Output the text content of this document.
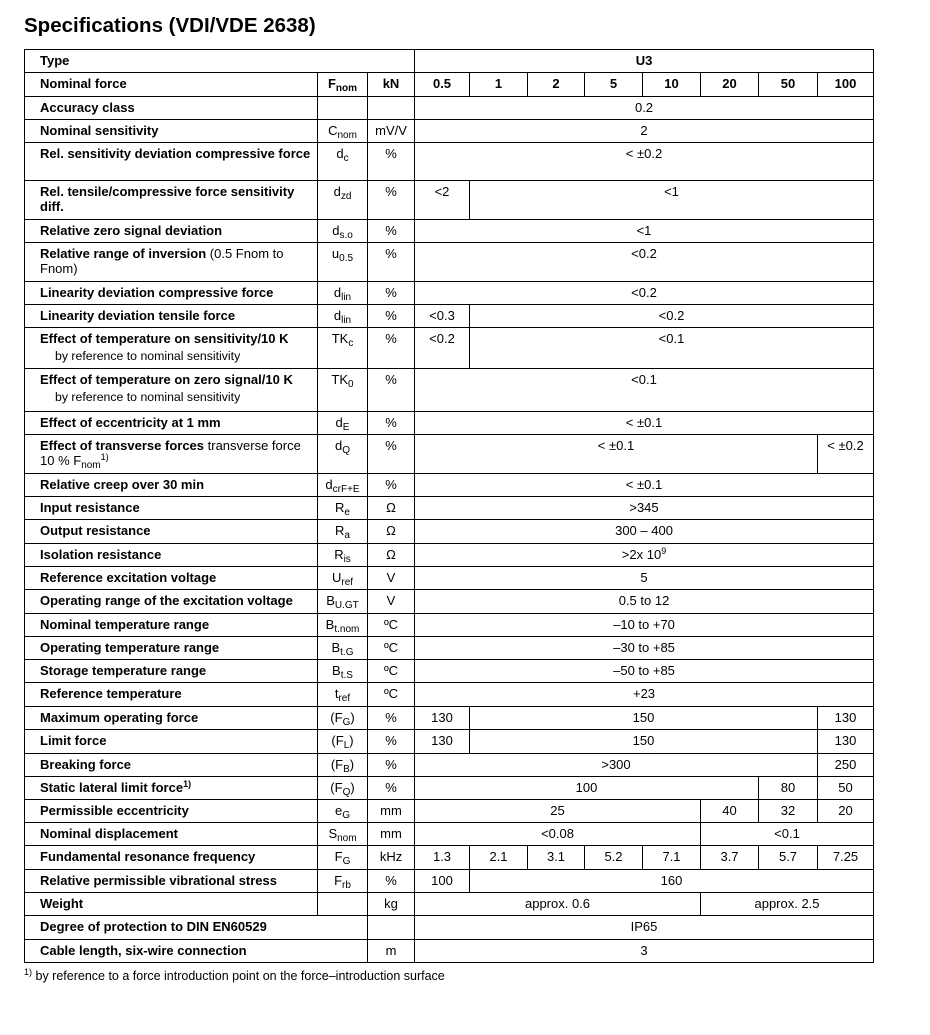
Specifications (VDI/VDE 2638)
Type			U3							
Nominal force	$F_{nom}$	kN	0.5	1	2	5	10	20	50	100
Accuracy class			0.2							
Nominal sensitivity	$C_{nom}$	mV/V	2							
Rel. sensitivity deviation compressive force	$d_c$	%	< ±0.2							
Rel. tensile/compressive force sensitivity diff.	$d_{zd}$	%	<2	<1						
Relative zero signal deviation	$d_{s.o}$	%	<1							
Relative range of inversion (0.5 Fnom to Fnom)	$u_{0.5}$	%	<0.2							
Linearity deviation compressive force	$d_{lin}$	%	<0.2							
Linearity deviation tensile force	$d_{lin}$	%	<0.3	<0.2						
Effect of temperature on sensitivity/10 K
by reference to nominal sensitivity	$TK_c$	%	<0.2	<0.1						
Effect of temperature on zero signal/10 K
by reference to nominal sensitivity	$TK_0$	%	<0.1							
Effect of eccentricity at 1 mm	$d_E$	%	< ±0.1							
Effect of transverse forces transverse force 10 % $F_{nom}^{1)}$	$d_Q$	%	< ±0.1							< ±0.2
Relative creep over 30 min	$d_{crF+E}$	%	< ±0.1							
Input resistance	$R_e$	Ω	>345							
Output resistance	$R_a$	Ω	300 – 400							
Isolation resistance	$R_{is}$	Ω	>2x $10^9$
Reference excitation voltage	$U_{ref}$	V	5							
Operating range of the excitation voltage	$B_{U.GT}$	V	0.5 to 12							
Nominal temperature range	$B_{t.nom}$	ºC	–10 to +70							
Operating temperature range	$B_{t.G}$	ºC	–30 to +85							
Storage temperature range	$B_{t.S}$	ºC	–50 to +85							
Reference temperature	$t_{ref}$	ºC	+23							
Maximum operating force	$(F_G)$	%	130	150						130
Limit force	$(F_L)$	%	130	150						130
Breaking force	$(F_B)$	%	>300							250
Static lateral limit force$^{1)}$	$(F_Q)$	%	100						80	50
Permissible eccentricity	$e_G$	mm	25					40	32	20
Nominal displacement	$S_{nom}$	mm	<0.08					<0.1		
Fundamental resonance frequency	$F_G$	kHz	1.3	2.1	3.1	5.2	7.1	3.7	5.7	7.25
Relative permissible vibrational stress	$F_{rb}$	%	100	160						
Weight		kg	approx. 0.6					approx. 2.5		
Degree of protection to DIN EN60529			IP65							
Cable length, six-wire connection		m	3							
$^{1)}$ by reference to a force introduction point on the force–introduction surface
